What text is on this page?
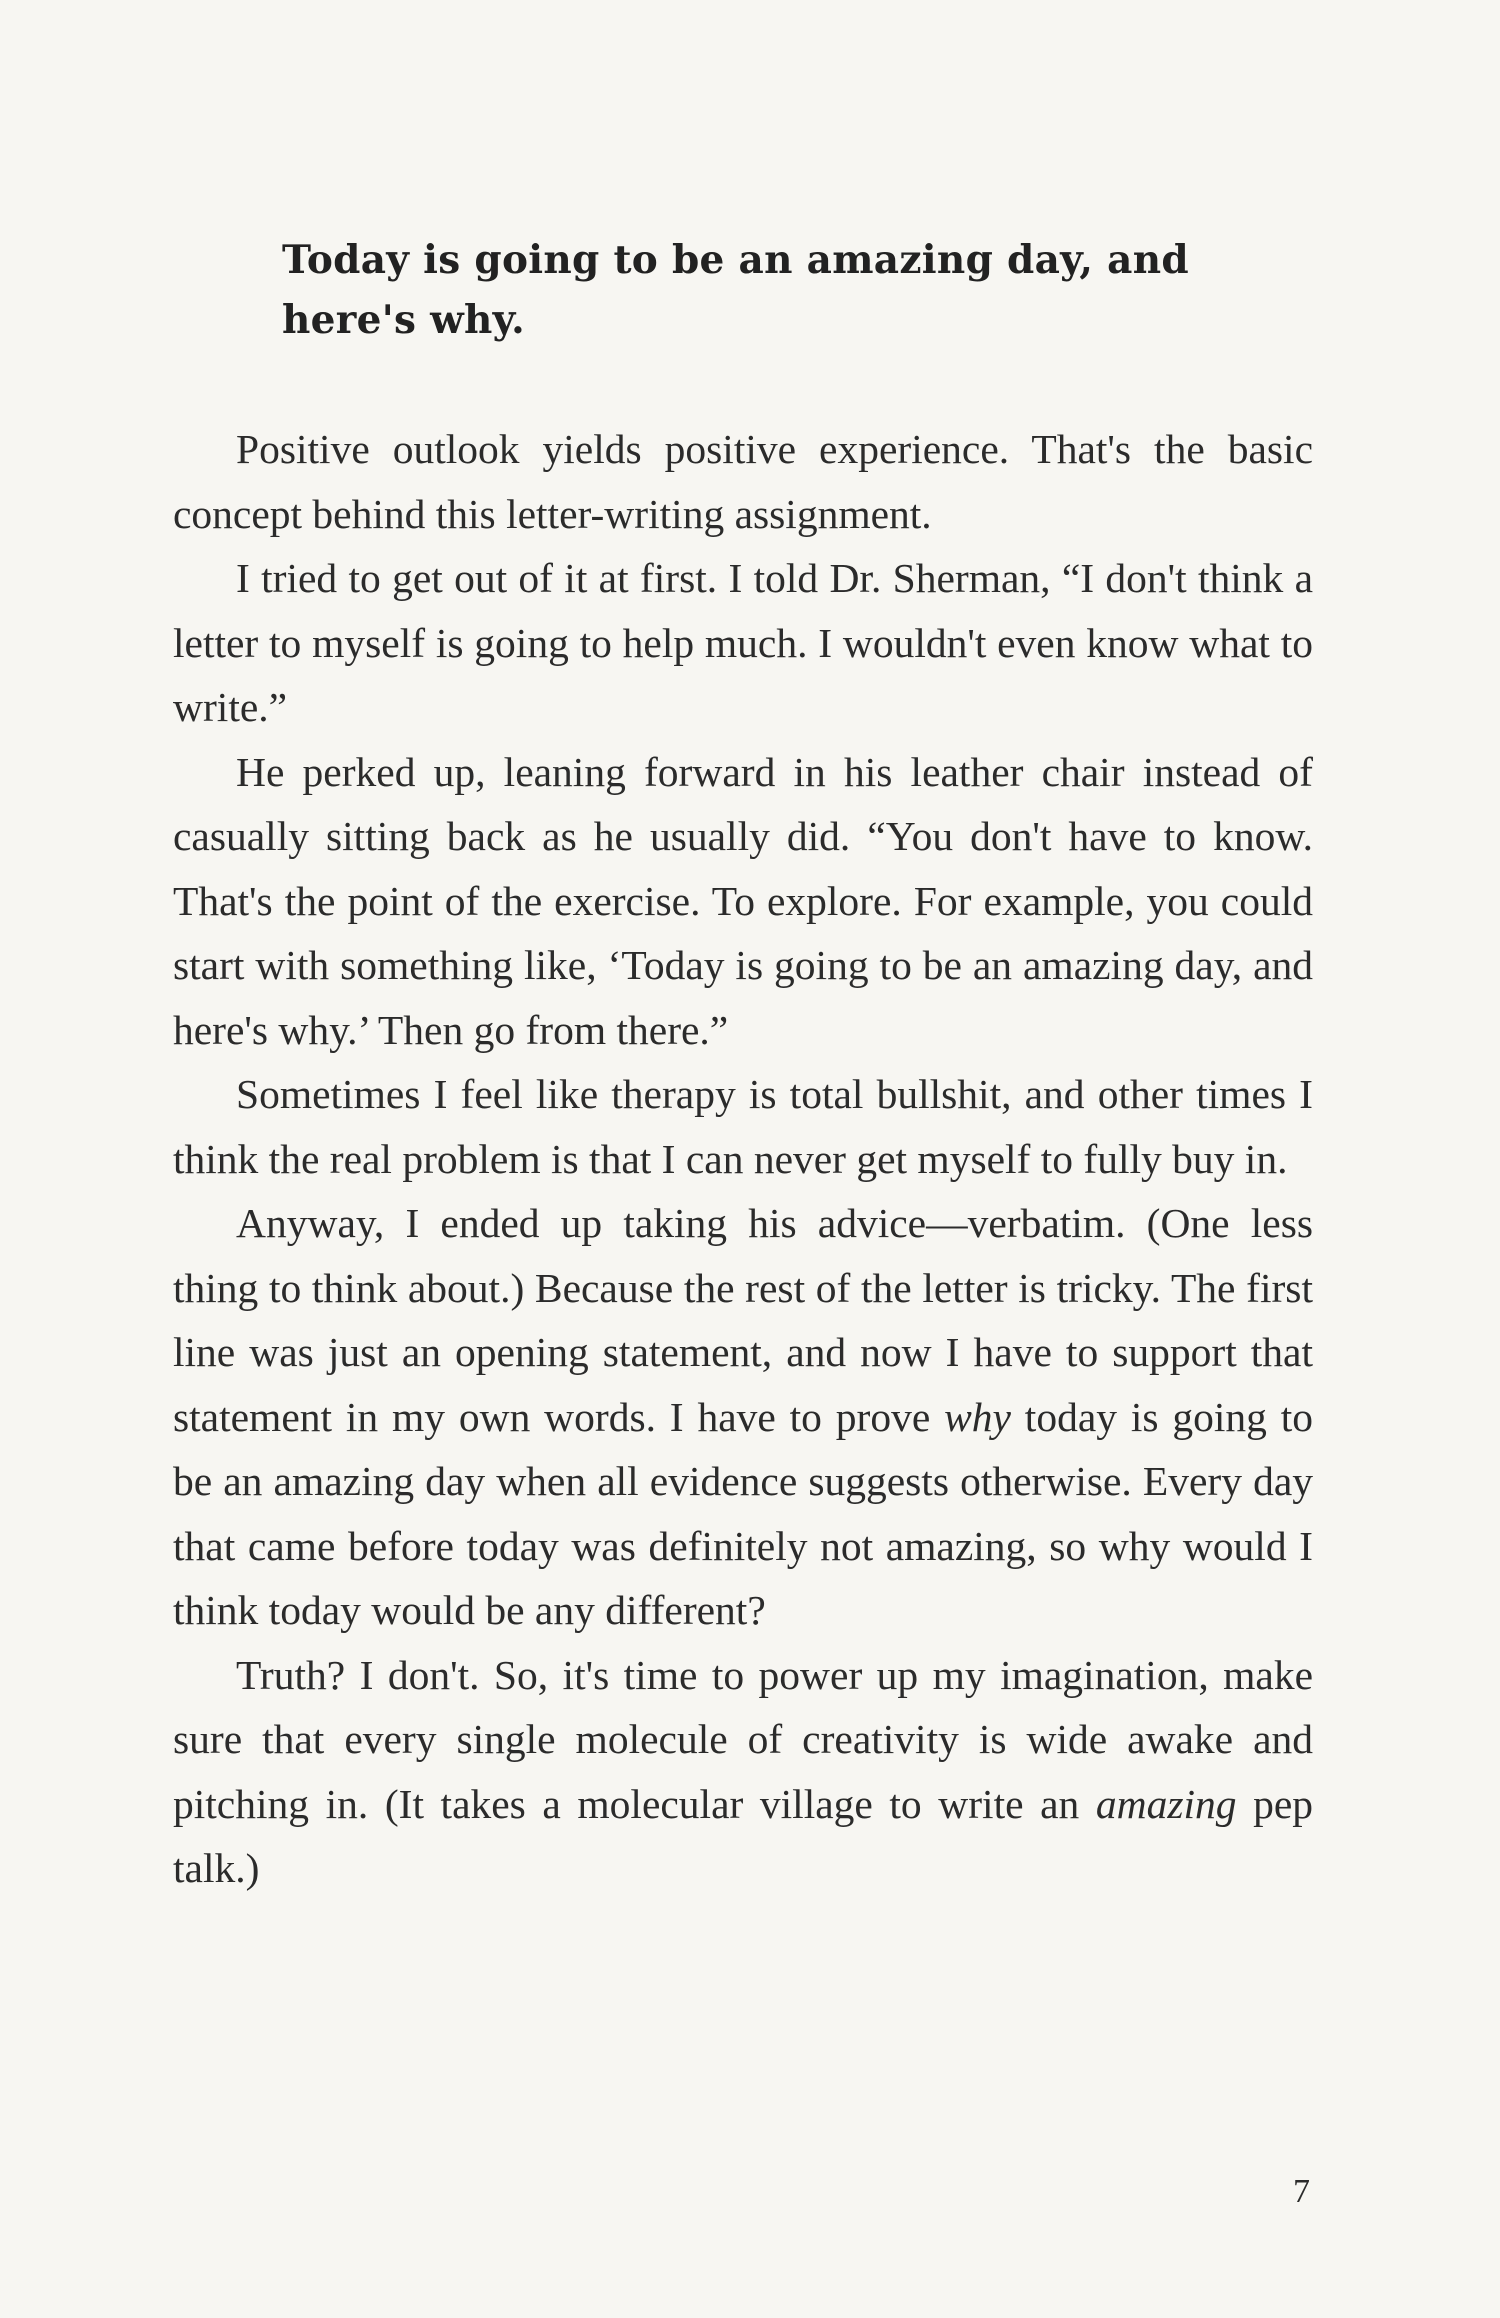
Today is going to be an amazing day, and here's why.

Positive outlook yields positive experience. That's the basic concept behind this letter-writing assignment.

I tried to get out of it at first. I told Dr. Sherman, “I don't think a letter to myself is going to help much. I wouldn't even know what to write.”

He perked up, leaning forward in his leather chair instead of casually sitting back as he usually did. “You don't have to know. That's the point of the exercise. To explore. For example, you could start with something like, ‘Today is going to be an amazing day, and here's why.’ Then go from there.”

Sometimes I feel like therapy is total bullshit, and other times I think the real problem is that I can never get myself to fully buy in.

Anyway, I ended up taking his advice—verbatim. (One less thing to think about.) Because the rest of the letter is tricky. The first line was just an opening statement, and now I have to support that statement in my own words. I have to prove why today is going to be an amazing day when all evidence suggests otherwise. Every day that came before today was definitely not amazing, so why would I think today would be any different?

Truth? I don't. So, it's time to power up my imagination, make sure that every single molecule of creativity is wide awake and pitching in. (It takes a molecular village to write an amazing pep talk.)

7
